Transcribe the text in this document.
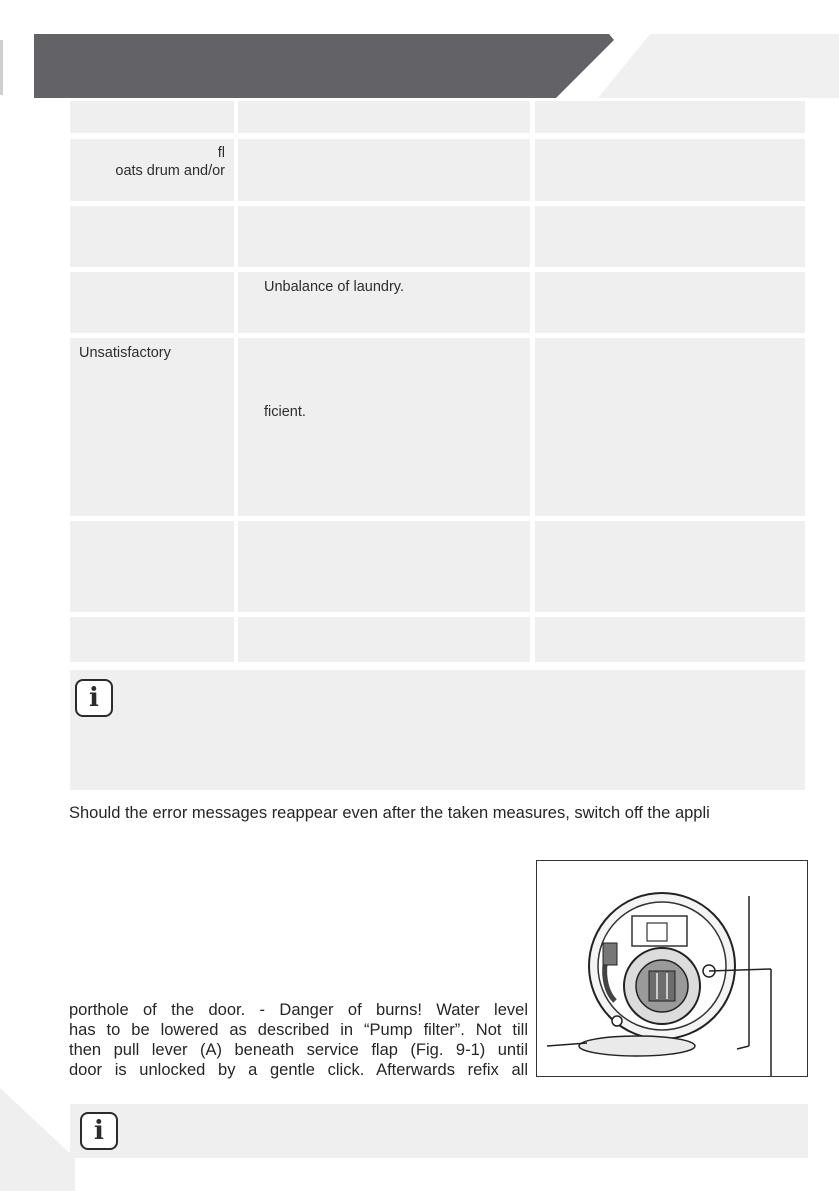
fl
oats drum and/or
Unbalance of laundry.
Unsatisfactory
ficient.
i
Should the error messages reappear even after the taken measures, switch off the appli
porthole of the door. - Danger of burns! Water level
has to be lowered as described in “Pump filter”. Not till
then pull lever (A) beneath service flap (Fig. 9-1) until
door is unlocked by a gentle click. Afterwards refix all
i
